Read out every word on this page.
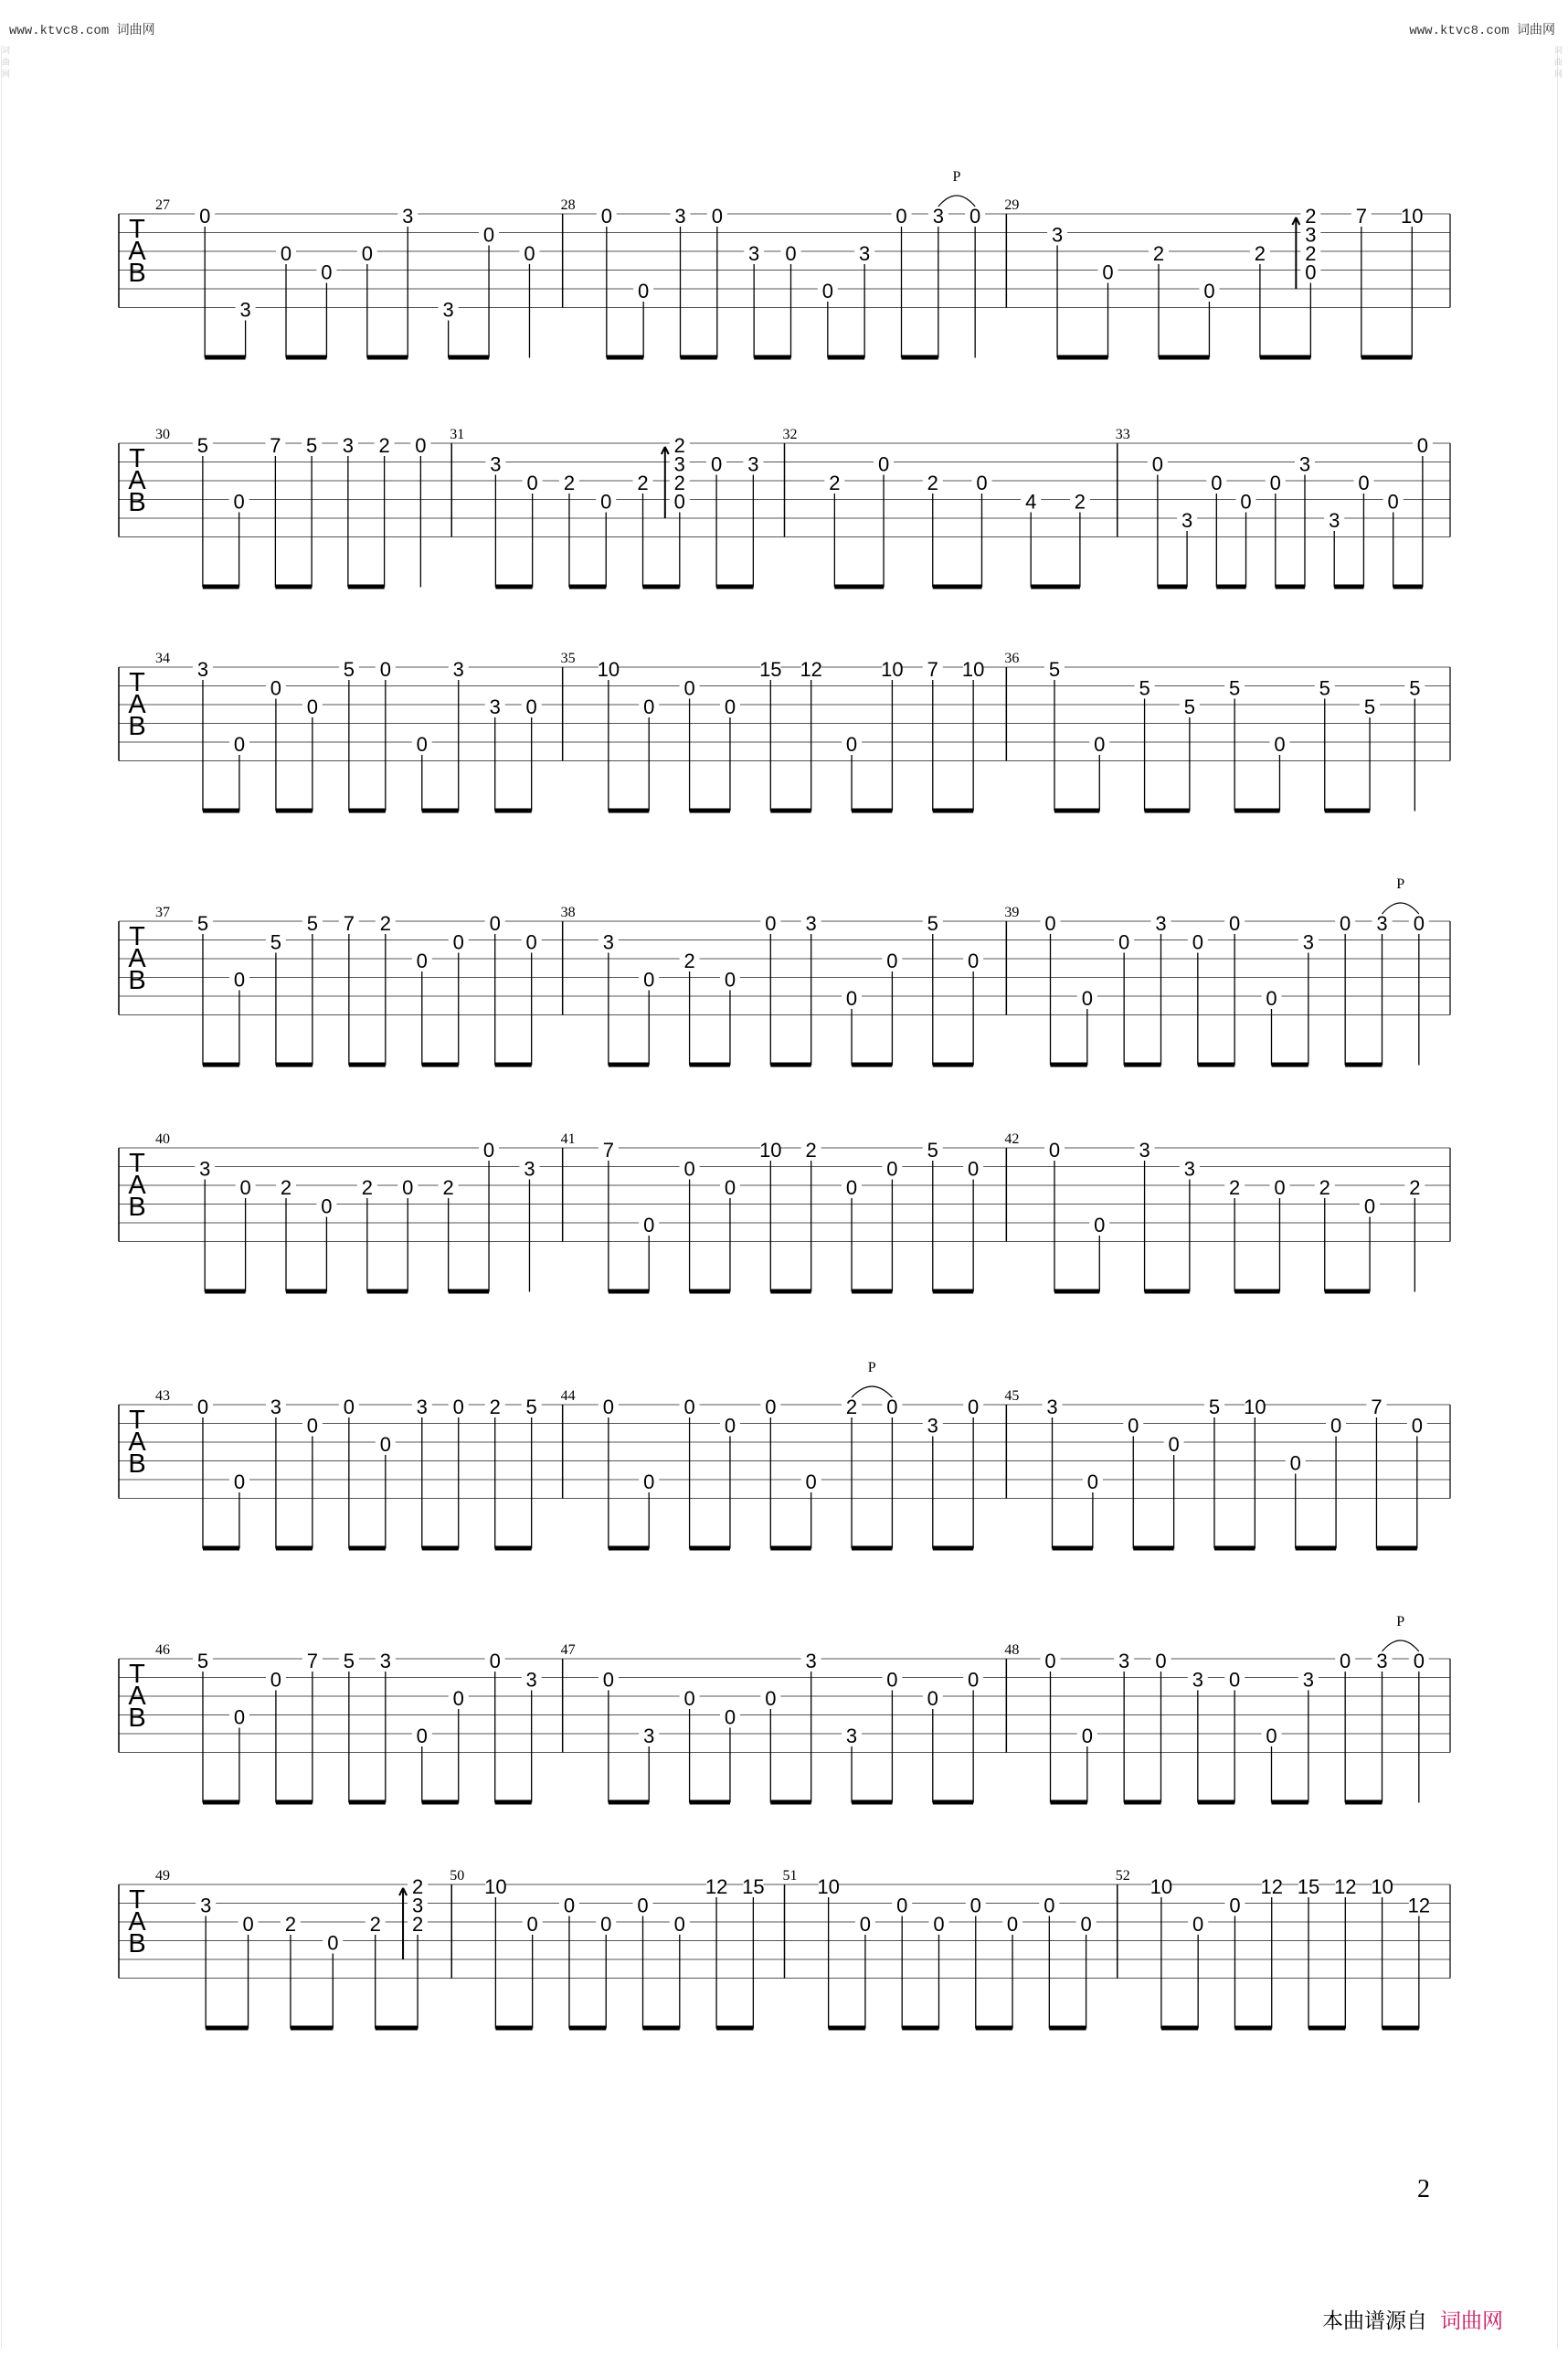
www.ktvc8.com 词曲网	www.ktvc8.com 词曲网
词曲网
词曲网
T
A
B
27 0
3
0
0
0
3
3
0
0
28 0
0
3 0
3 0
0
3
0 3 0
P
29
3
0
2
0
2
2
3
2
0
7 10
T
A
B
30 5
0
7 5 3 2 0 31
3
0 2
0
2
2
3
2
0
0 3
32
2
0
2 0
4 2
33
0
3
0
0
0
3
3
0
0
0
T
A
B
34 3
0
0
0
5 0
0
3
3 0
35 10
0
0
0
15 12
0
10 7 10 36 5
0
5
5
5
0
5
5
5
T
A
B
37 5
0
5
5 7 2
0
0
0
0
38
3
0
2
0
0 3
0
0
5
0
39 0
0
0
3
0
0
0
3
0 3 0
P
T
A
B
40
3
0 2
0
2 0 2
0
3
41 7
0
0
0
10 2
0
0
5
0
42 0
0
3
3
2 0 2
0
2
T
A
B
43 0
0
3
0
0
0
3 0 2 5 44 0
0
0
0
0
0
2 0
3
0
P
45 3
0
0
0
5 10
0
0
7
0
T
A
B
46 5
0
0
7 5 3
0
0
0
3
47
0
3
0
0
0
3
3
0
0
0
48 0
0
3 0
3 0
0
3
0 3 0
P
T
A
B
49
3
0 2
0
2
2
3
2
50 10
0
0
0
0
0
12 15 51 10
0
0
0
0
0
0
0
52 10
0
0
12 15 12 10
12
2
本曲谱源自 词曲网
